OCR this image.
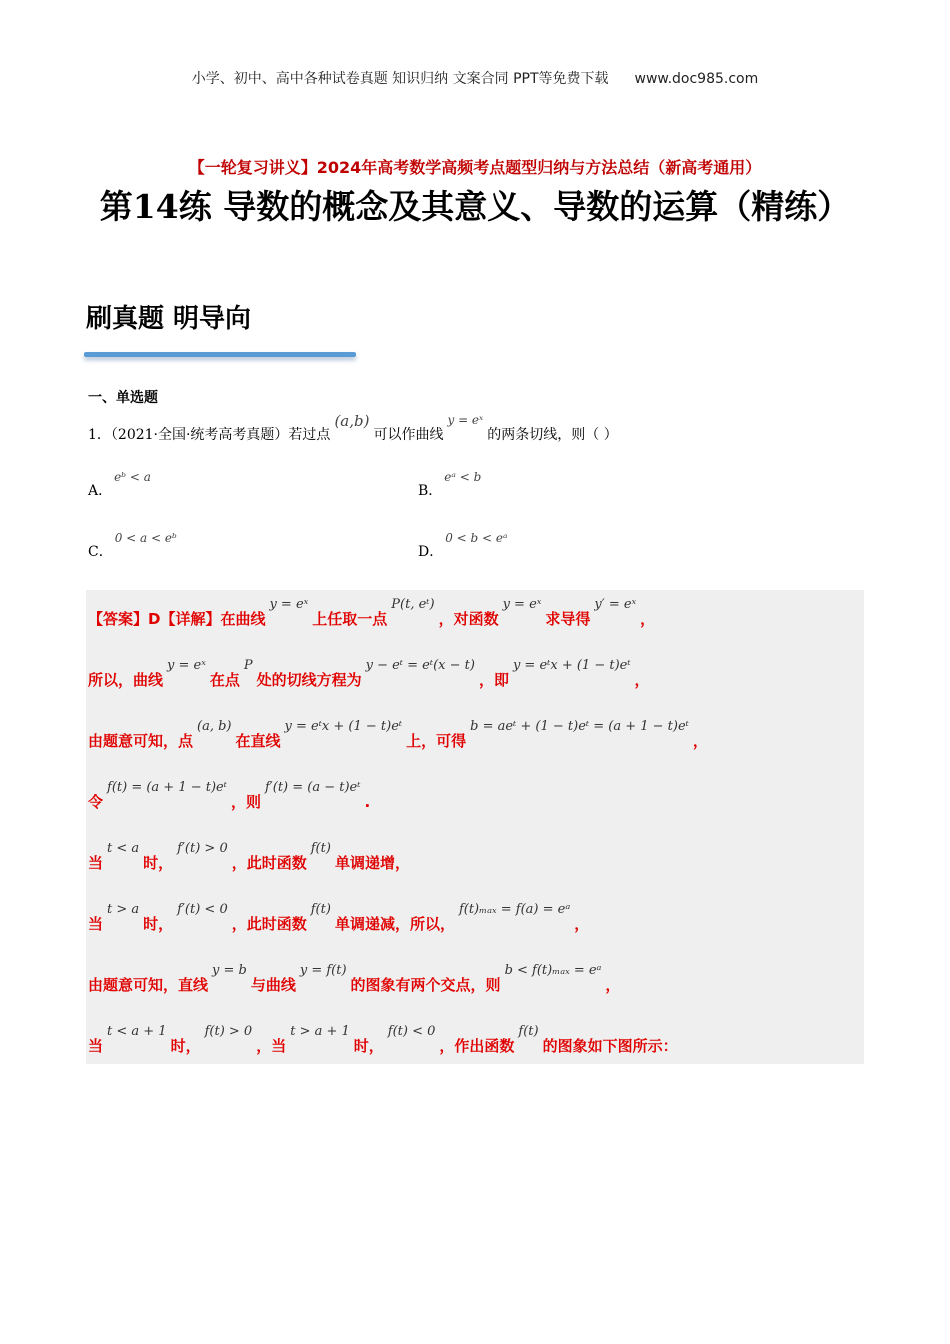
小学、初中、高中各种试卷真题 知识归纳 文案合同 PPT等免费下载 www.doc985.com
【一轮复习讲义】2024年高考数学高频考点题型归纳与方法总结（新高考通用）
第14练 导数的概念及其意义、导数的运算（精练）
刷真题 明导向
一、单选题
1．（2021·全国·统考高考真题）若过点(a,b)可以作曲线y = eˣ的两条切线，则（ ）
A．eᵇ < a
B．eᵃ < b
C．0 < a < eᵇ
D．0 < b < eᵃ
【答案】D【详解】在曲线y = eˣ上任取一点P(t, eᵗ)，对函数y = eˣ求导得y′ = eˣ，
所以，曲线y = eˣ在点P处的切线方程为y − eᵗ = eᵗ(x − t)，即y = eᵗx + (1 − t)eᵗ，
由题意可知，点(a, b)在直线y = eᵗx + (1 − t)eᵗ上，可得b = aeᵗ + (1 − t)eᵗ = (a + 1 − t)eᵗ，
令f(t) = (a + 1 − t)eᵗ，则f′(t) = (a − t)eᵗ.
当t < a时，f′(t) > 0，此时函数f(t)单调递增，
当t > a时，f′(t) < 0，此时函数f(t)单调递减，所以，f(t)ₘₐₓ = f(a) = eᵃ，
由题意可知，直线y = b与曲线y = f(t)的图象有两个交点，则b < f(t)ₘₐₓ = eᵃ，
当t < a + 1时，f(t) > 0，当t > a + 1时，f(t) < 0，作出函数f(t)的图象如下图所示：
